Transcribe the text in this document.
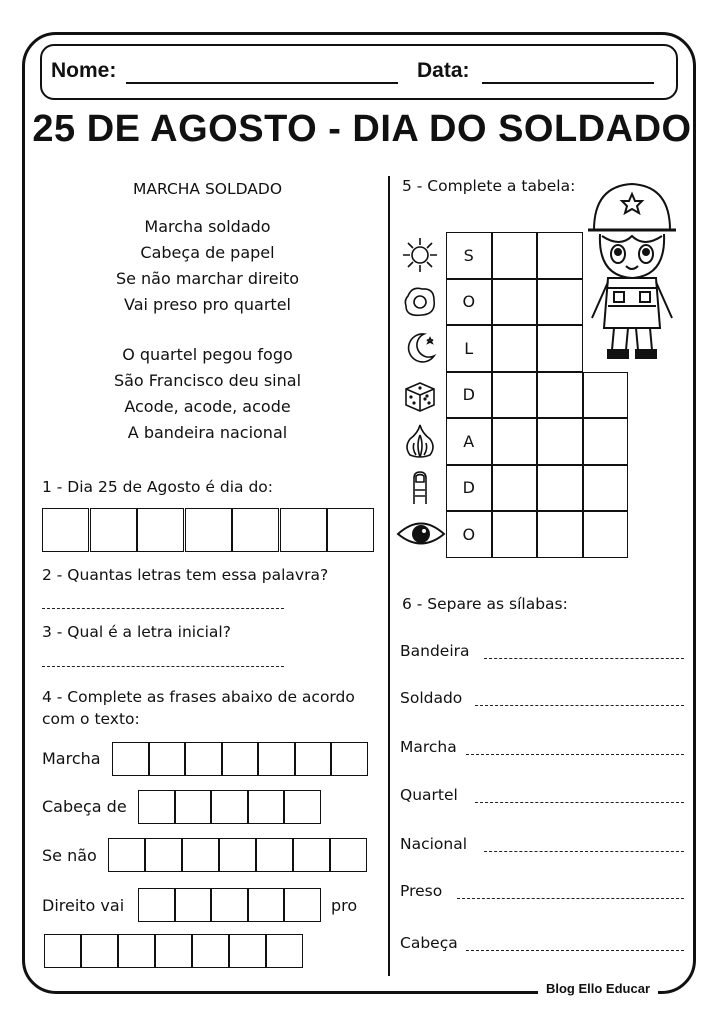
Nome:	Data:
25 DE AGOSTO - DIA DO SOLDADO
MARCHA SOLDADO
Marcha soldado
Cabeça de papel
Se não marchar direito
Vai preso pro quartel
O quartel pegou fogo
São Francisco deu sinal
Acode, acode, acode
A bandeira nacional
1 - Dia 25 de Agosto é dia do:
2 - Quantas letras tem essa palavra?
3 - Qual é a letra inicial?
4 - Complete as frases abaixo de acordo
com o texto:
Marcha
Cabeça de
Se não
Direito vai	pro
5 - Complete a tabela:
S
O
L
D
A
D
O
6 - Separe as sílabas:
Bandeira
Soldado
Marcha
Quartel
Nacional
Preso
Cabeça
Blog Ello Educar
